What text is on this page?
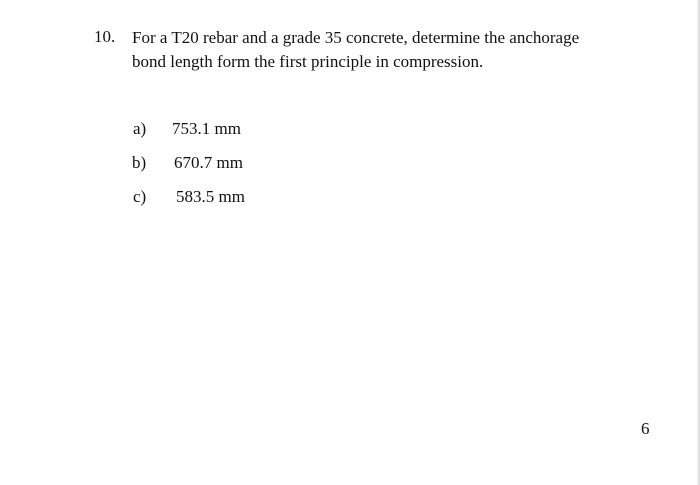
10. For a T20 rebar and a grade 35 concrete, determine the anchorage
bond length form the first principle in compression.
a) 753.1 mm
b) 670.7 mm
c) 583.5 mm
6
